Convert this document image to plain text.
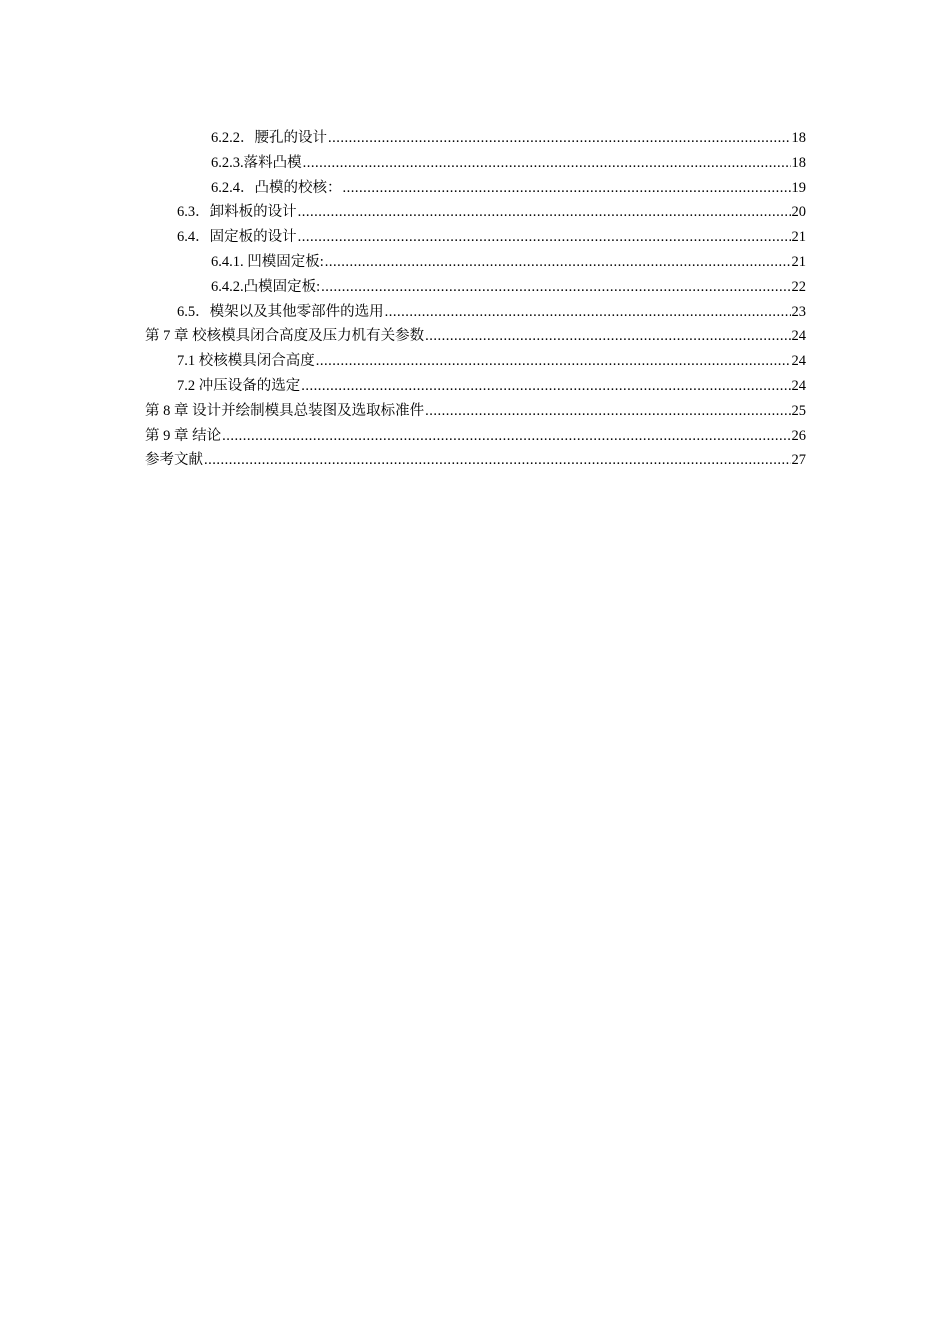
6.2.2．腰孔的设计 .....	18
6.2.3.落料凸模 .....	18
6.2.4．凸模的校核： .....	19
6.3．卸料板的设计 .....	20
6.4．固定板的设计 .....	21
6.4.1. 凹模固定板: .....	21
6.4.2.凸模固定板: .....	22
6.5．模架以及其他零部件的选用 .....	23
第 7 章 校核模具闭合高度及压力机有关参数 .....	24
7.1 校核模具闭合高度 .....	24
7.2 冲压设备的选定 .....	24
第 8 章 设计并绘制模具总装图及选取标准件 .....	25
第 9 章 结论 .....	26
参考文献 .....	27
